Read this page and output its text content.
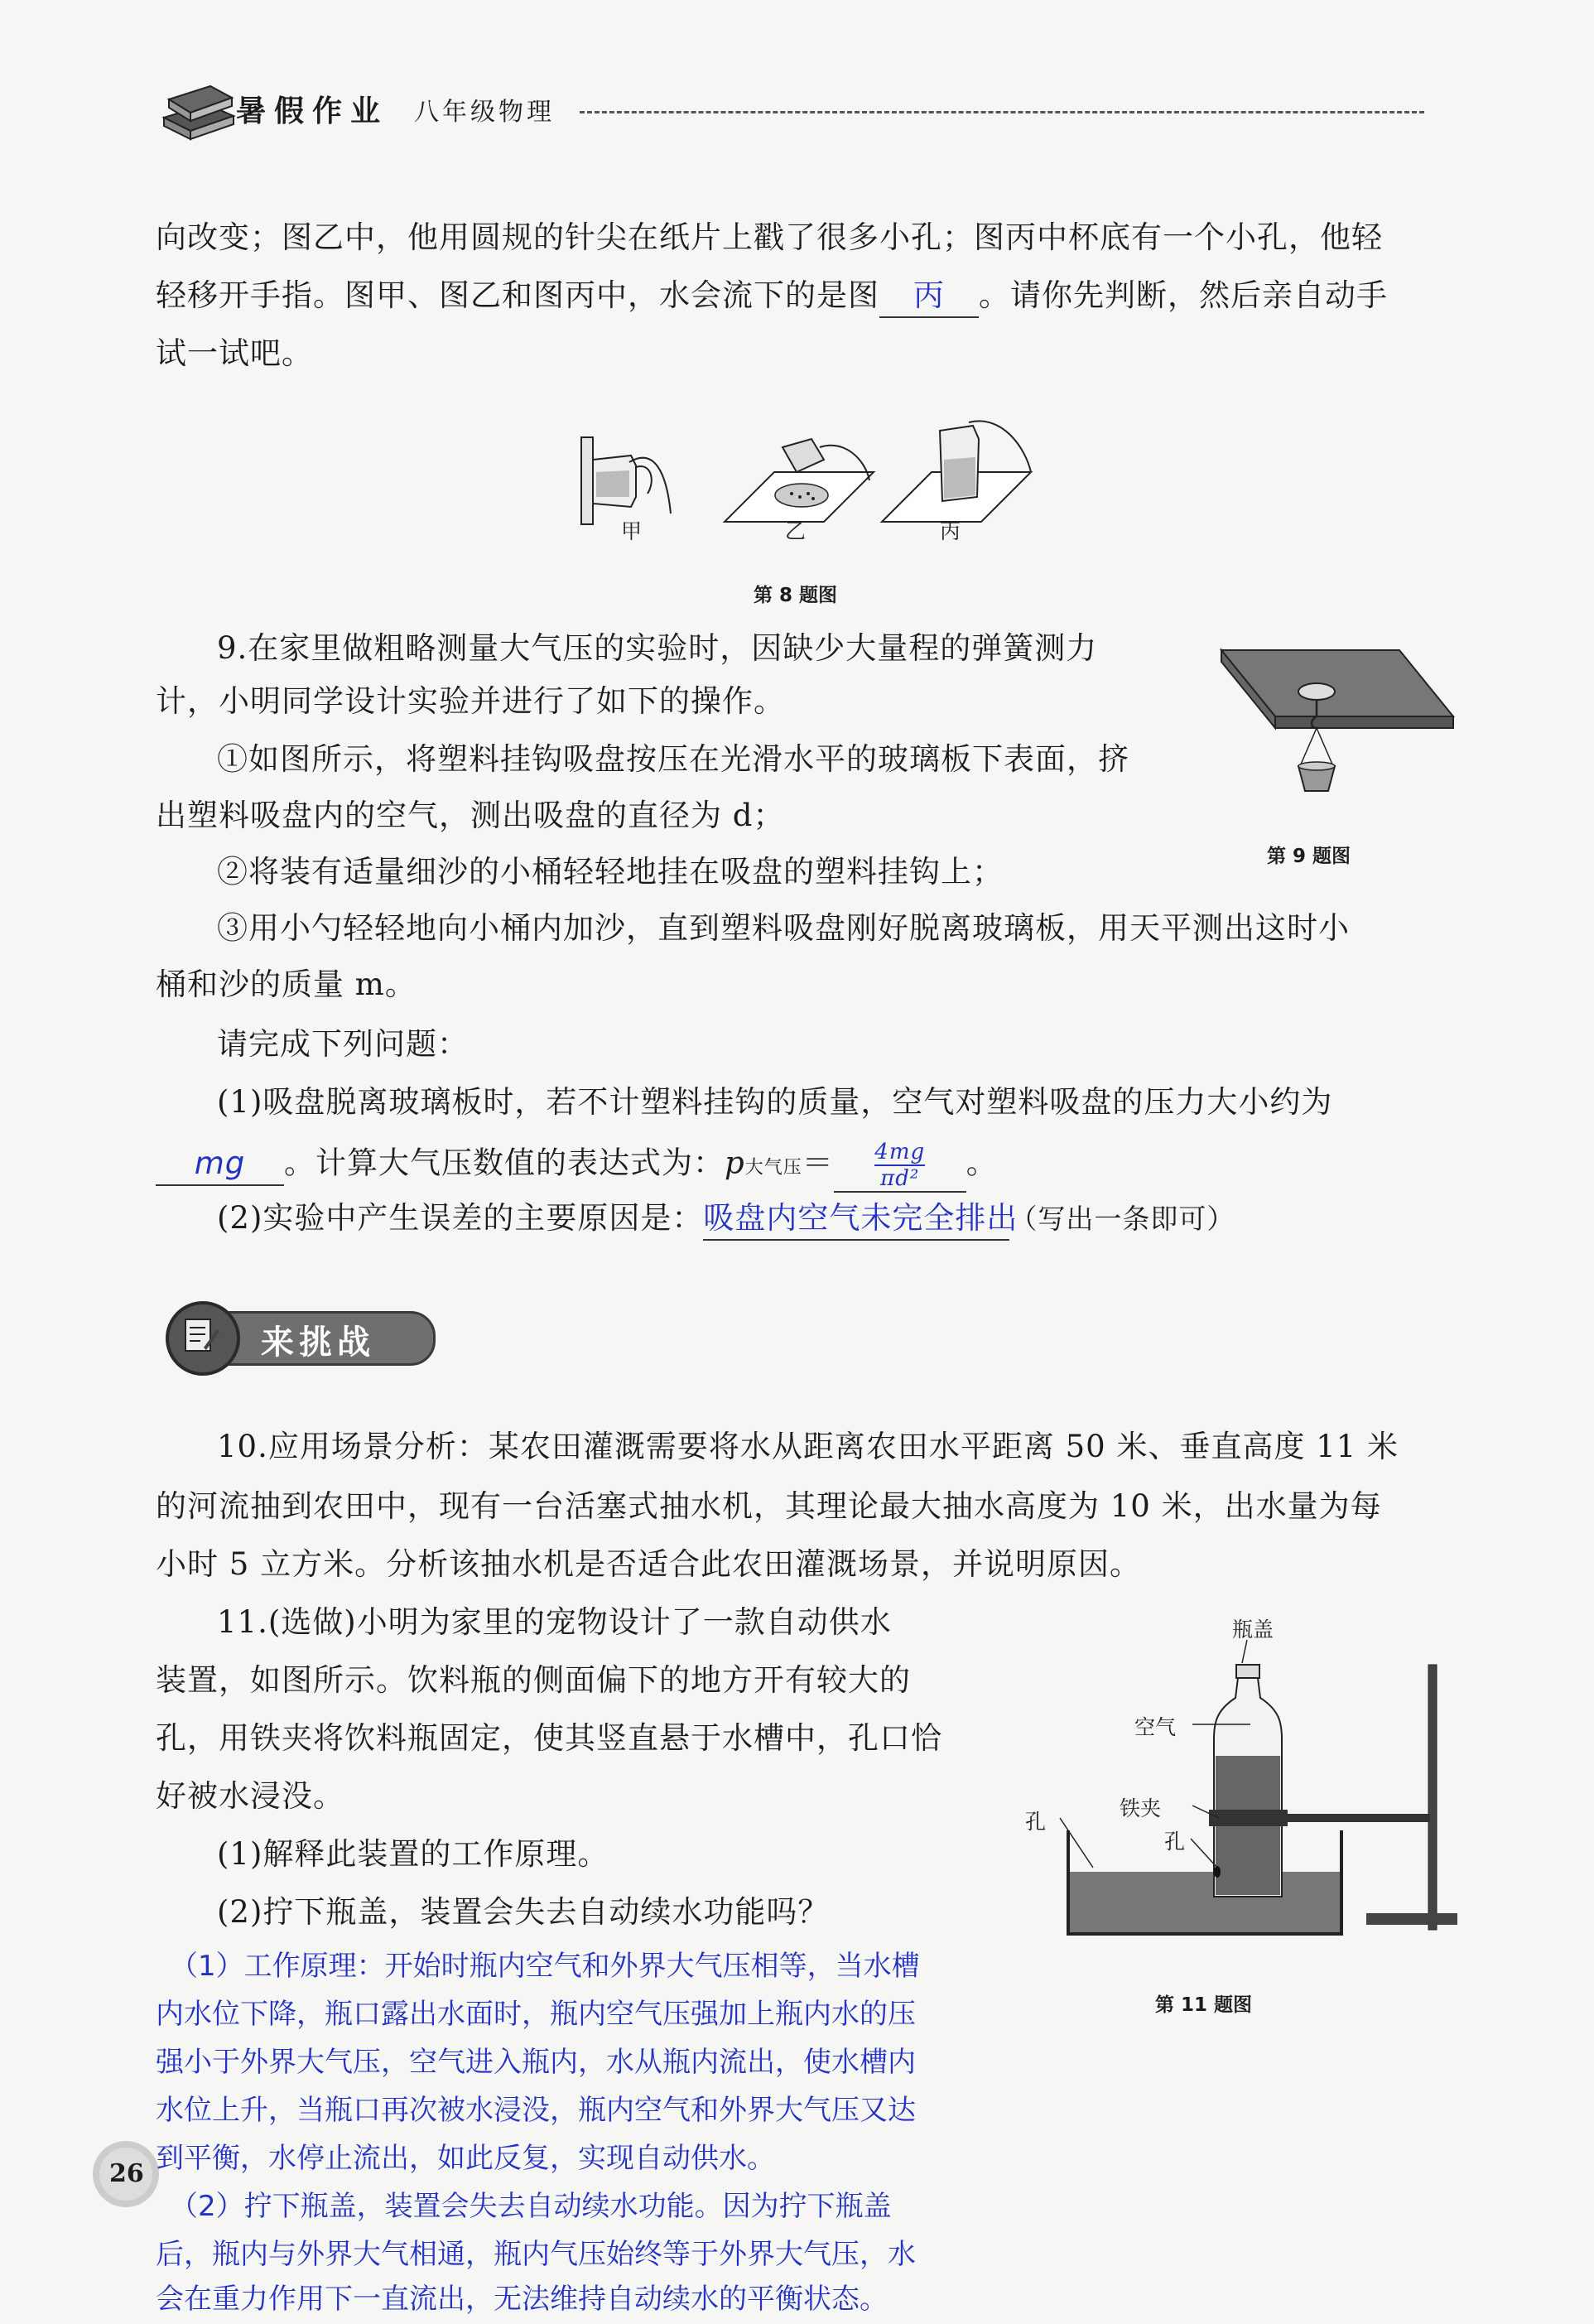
暑假作业 八年级物理
向改变；图乙中，他用圆规的针尖在纸片上戳了很多小孔；图丙中杯底有一个小孔，他轻
轻移开手指。图甲、图乙和图丙中，水会流下的是图 丙 。请你先判断，然后亲自动手
试一试吧。
甲	乙	丙
第 8 题图
9.在家里做粗略测量大气压的实验时，因缺少大量程的弹簧测力
计，小明同学设计实验并进行了如下的操作。
①如图所示，将塑料挂钩吸盘按压在光滑水平的玻璃板下表面，挤
出塑料吸盘内的空气，测出吸盘的直径为 d；
②将装有适量细沙的小桶轻轻地挂在吸盘的塑料挂钩上；
③用小勺轻轻地向小桶内加沙，直到塑料吸盘刚好脱离玻璃板，用天平测出这时小
桶和沙的质量 m。
请完成下列问题：
(1)吸盘脱离玻璃板时，若不计塑料挂钩的质量，空气对塑料吸盘的压力大小约为
mg 。计算大气压数值的表达式为：p大气压＝ $\frac{4mg}{\text{πd²}}$ 。
(2)实验中产生误差的主要原因是：吸盘内空气未完全排出（写出一条即可）
第 9 题图
来挑战
10.应用场景分析：某农田灌溉需要将水从距离农田水平距离 50 米、垂直高度 11 米
的河流抽到农田中，现有一台活塞式抽水机，其理论最大抽水高度为 10 米，出水量为每
小时 5 立方米。分析该抽水机是否适合此农田灌溉场景，并说明原因。
11.(选做)小明为家里的宠物设计了一款自动供水
装置，如图所示。饮料瓶的侧面偏下的地方开有较大的
孔，用铁夹将饮料瓶固定，使其竖直悬于水槽中，孔口恰
好被水浸没。
(1)解释此装置的工作原理。
(2)拧下瓶盖，装置会失去自动续水功能吗？
瓶盖
空气
铁夹
孔
孔
第 11 题图
（1）工作原理：开始时瓶内空气和外界大气压相等，当水槽
内水位下降，瓶口露出水面时，瓶内空气压强加上瓶内水的压
强小于外界大气压，空气进入瓶内，水从瓶内流出，使水槽内
水位上升，当瓶口再次被水浸没，瓶内空气和外界大气压又达
到平衡，水停止流出，如此反复，实现自动供水。
（2）拧下瓶盖，装置会失去自动续水功能。因为拧下瓶盖
后，瓶内与外界大气相通，瓶内气压始终等于外界大气压，水
会在重力作用下一直流出，无法维持自动续水的平衡状态。
26
